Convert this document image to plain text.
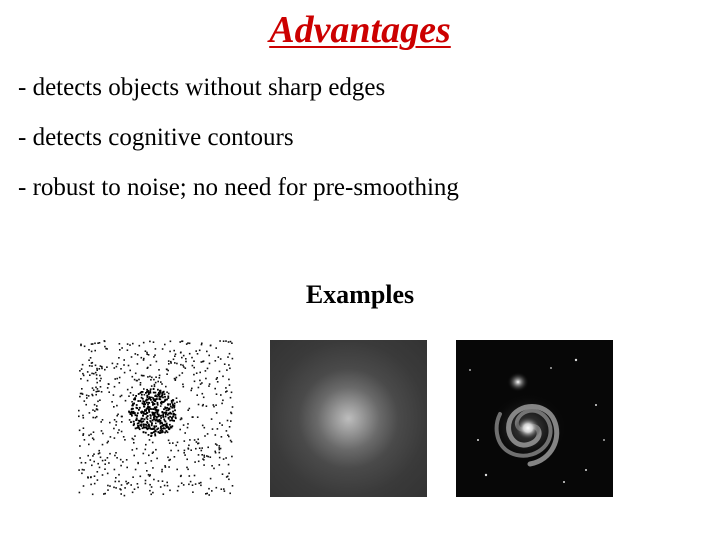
Advantages
- detects objects without sharp edges
- detects cognitive contours
- robust to noise; no need for pre-smoothing
Examples
